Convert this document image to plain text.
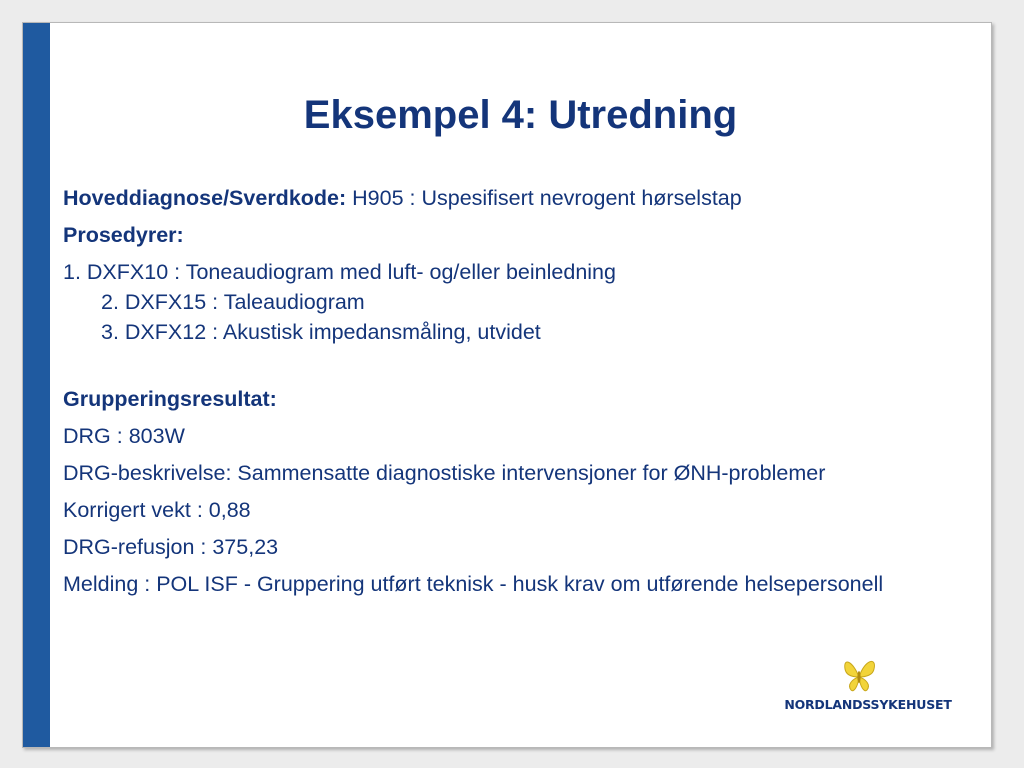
Eksempel 4: Utredning
Hoveddiagnose/Sverdkode: H905 : Uspesifisert nevrogent hørselstap
Prosedyrer:
1. DXFX10 : Toneaudiogram med luft- og/eller beinledning
2. DXFX15 : Taleaudiogram
3. DXFX12 : Akustisk impedansmåling, utvidet
Grupperingsresultat:
DRG : 803W
DRG-beskrivelse: Sammensatte diagnostiske intervensjoner for ØNH-problemer
Korrigert vekt : 0,88
DRG-refusjon : 375,23
Melding : POL ISF - Gruppering utført teknisk - husk krav om utførende helsepersonell
NORDLANDSSYKEHUSET
